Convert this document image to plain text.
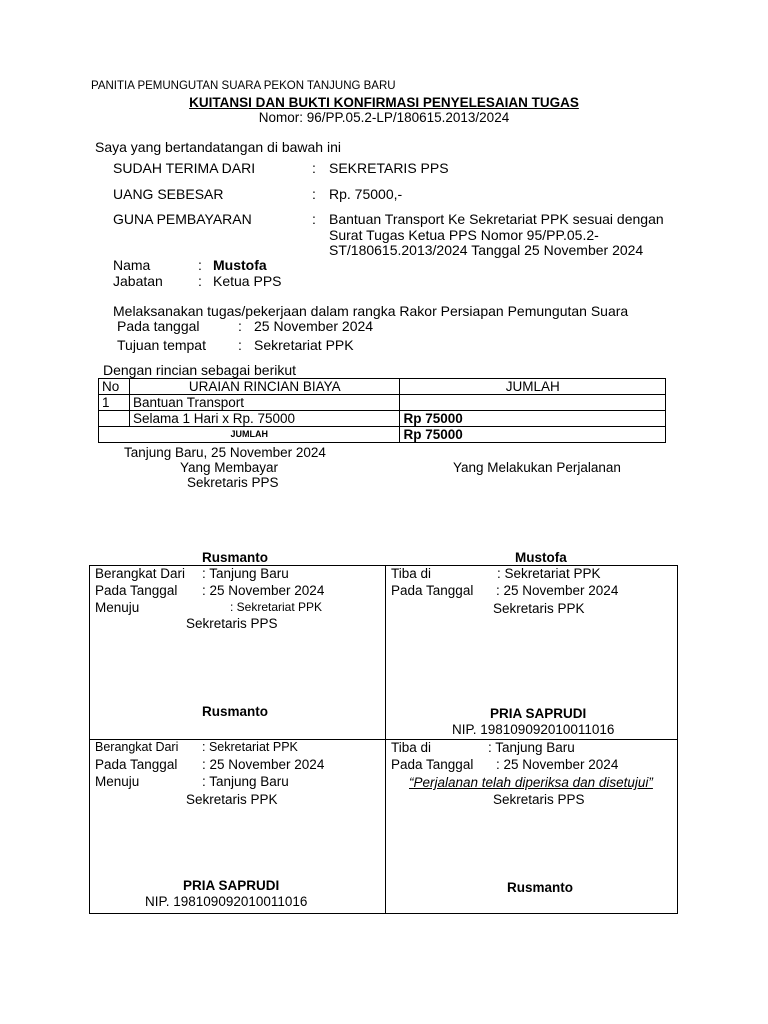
PANITIA PEMUNGUTAN SUARA PEKON TANJUNG BARU
KUITANSI DAN BUKTI KONFIRMASI PENYELESAIAN TUGAS
Nomor: 96/PP.05.2-LP/180615.2013/2024
Saya yang bertandatangan di bawah ini
SUDAH TERIMA DARI	: SEKRETARIS PPS
UANG SEBESAR	: Rp. 75000,-
GUNA PEMBAYARAN	: Bantuan Transport Ke Sekretariat PPK sesuai dengan
Surat Tugas Ketua PPS Nomor 95/PP.05.2-
ST/180615.2013/2024 Tanggal 25 November 2024
Nama	: Mustofa
Jabatan	: Ketua PPS
Melaksanakan tugas/pekerjaan dalam rangka Rakor Persiapan Pemungutan Suara
Pada tanggal	: 25 November 2024
Tujuan tempat : Sekretariat PPK
Dengan rincian sebagai berikut
No	URAIAN RINCIAN BIAYA	JUMLAH
1	Bantuan Transport	
	Selama 1 Hari x Rp. 75000	Rp 75000
JUMLAH		Rp 75000
Tanjung Baru, 25 November 2024
Yang Membayar
Sekretaris PPS
Yang Melakukan Perjalanan
Rusmanto	Mustofa
Berangkat Dari : Tanjung Baru
Pada Tanggal : 25 November 2024
Menuju	: Sekretariat PPK
Sekretaris PPS
Rusmanto
Tiba di	: Sekretariat PPK
Pada Tanggal : 25 November 2024
Sekretaris PPK
PRIA SAPRUDI
NIP. 198109092010011016
Berangkat Dari : Sekretariat PPK
Pada Tanggal : 25 November 2024
Menuju	: Tanjung Baru
Sekretaris PPK
PRIA SAPRUDI
NIP. 198109092010011016
Tiba di	: Tanjung Baru
Pada Tanggal : 25 November 2024
“Perjalanan telah diperiksa dan disetujui”
Sekretaris PPS
Rusmanto
